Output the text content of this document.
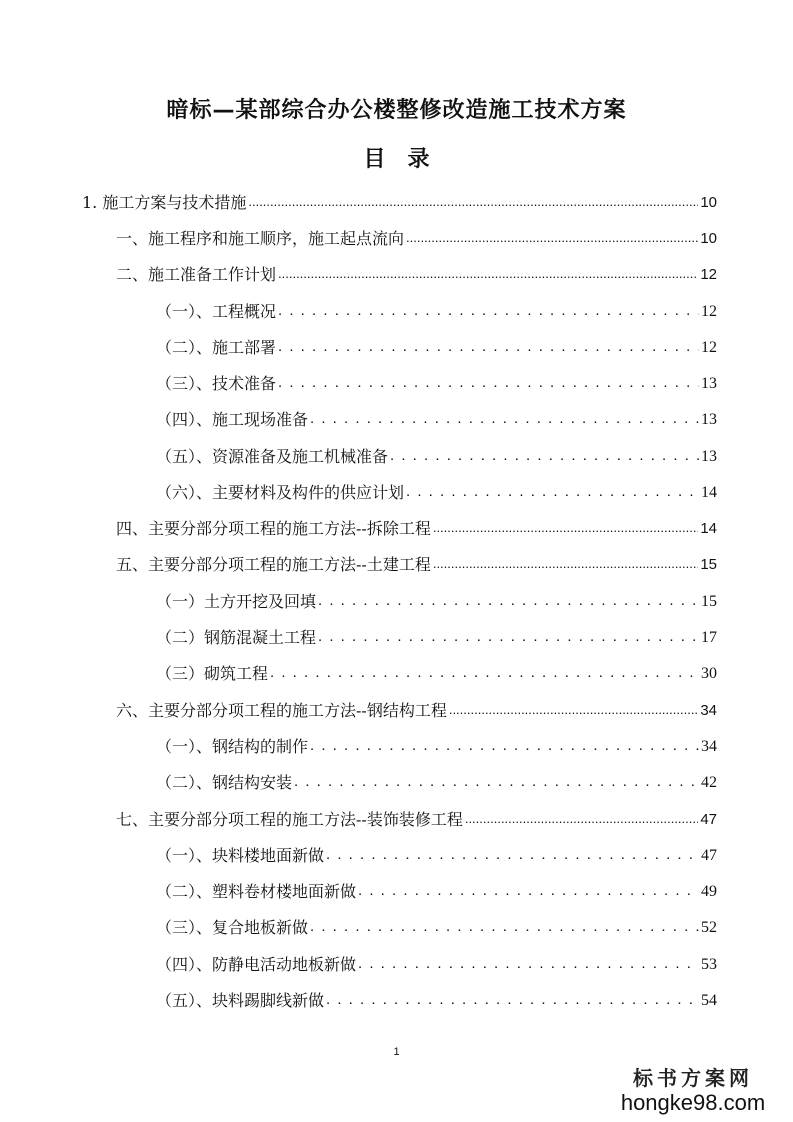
暗标—某部综合办公楼整修改造施工技术方案
目　录
1. 施工方案与技术措施 .....	10
一、施工程序和施工顺序，施工起点流向 .....	10
二、施工准备工作计划 .....	12
（一）、工程概况 . . .	12
（二）、施工部署 . . .	12
（三）、技术准备 . . .	13
（四）、施工现场准备 . . .	13
（五）、资源准备及施工机械准备 . . .	13
（六）、主要材料及构件的供应计划 . . .	14
四、主要分部分项工程的施工方法--拆除工程 .....	14
五、主要分部分项工程的施工方法--土建工程 .....	15
（一）土方开挖及回填 . . .	15
（二）钢筋混凝土工程 . . .	17
（三）砌筑工程 . . .	30
六、主要分部分项工程的施工方法--钢结构工程 .....	34
（一）、钢结构的制作 . . .	34
（二）、钢结构安装 . . .	42
七、主要分部分项工程的施工方法--装饰装修工程 .....	47
（一）、块料楼地面新做 . . .	47
（二）、塑料卷材楼地面新做 . . .	49
（三）、复合地板新做 . . .	52
（四）、防静电活动地板新做 . . .	53
（五）、块料踢脚线新做 . . .	54
1
标书方案网
hongke98.com
